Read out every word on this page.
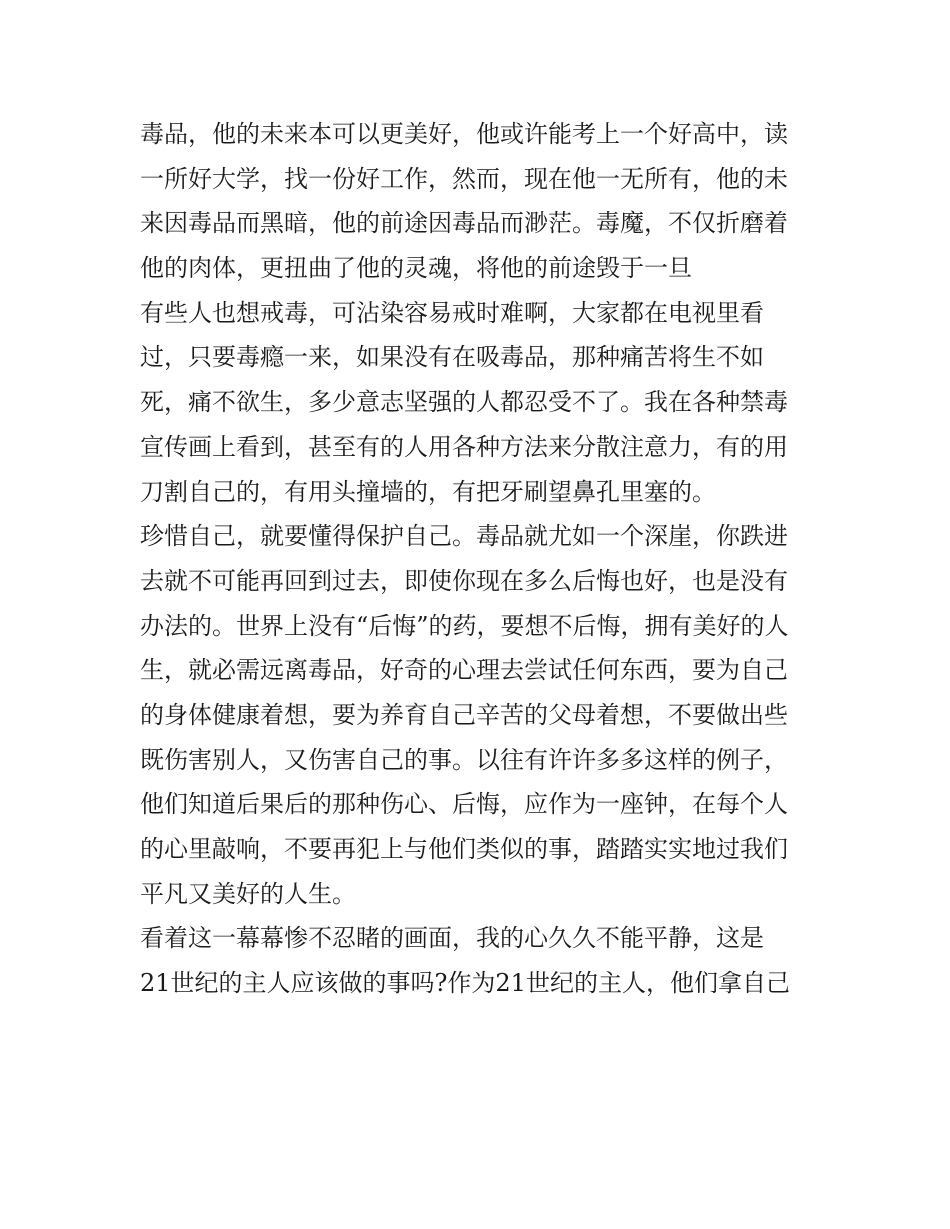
毒品，他的未来本可以更美好，他或许能考上一个好高中，读
一所好大学，找一份好工作，然而，现在他一无所有，他的未
来因毒品而黑暗，他的前途因毒品而渺茫。毒魔，不仅折磨着
他的肉体，更扭曲了他的灵魂，将他的前途毁于一旦
有些人也想戒毒，可沾染容易戒时难啊，大家都在电视里看
过，只要毒瘾一来，如果没有在吸毒品，那种痛苦将生不如
死，痛不欲生，多少意志坚强的人都忍受不了。我在各种禁毒
宣传画上看到，甚至有的人用各种方法来分散注意力，有的用
刀割自己的，有用头撞墙的，有把牙刷望鼻孔里塞的。
珍惜自己，就要懂得保护自己。毒品就尤如一个深崖，你跌进
去就不可能再回到过去，即使你现在多么后悔也好，也是没有
办法的。世界上没有“后悔”的药，要想不后悔，拥有美好的人
生，就必需远离毒品，好奇的心理去尝试任何东西，要为自己
的身体健康着想，要为养育自己辛苦的父母着想，不要做出些
既伤害别人，又伤害自己的事。以往有许许多多这样的例子，
他们知道后果后的那种伤心、后悔，应作为一座钟，在每个人
的心里敲响，不要再犯上与他们类似的事，踏踏实实地过我们
平凡又美好的人生。
看着这一幕幕惨不忍睹的画面，我的心久久不能平静，这是
21世纪的主人应该做的事吗?作为21世纪的主人，他们拿自己
